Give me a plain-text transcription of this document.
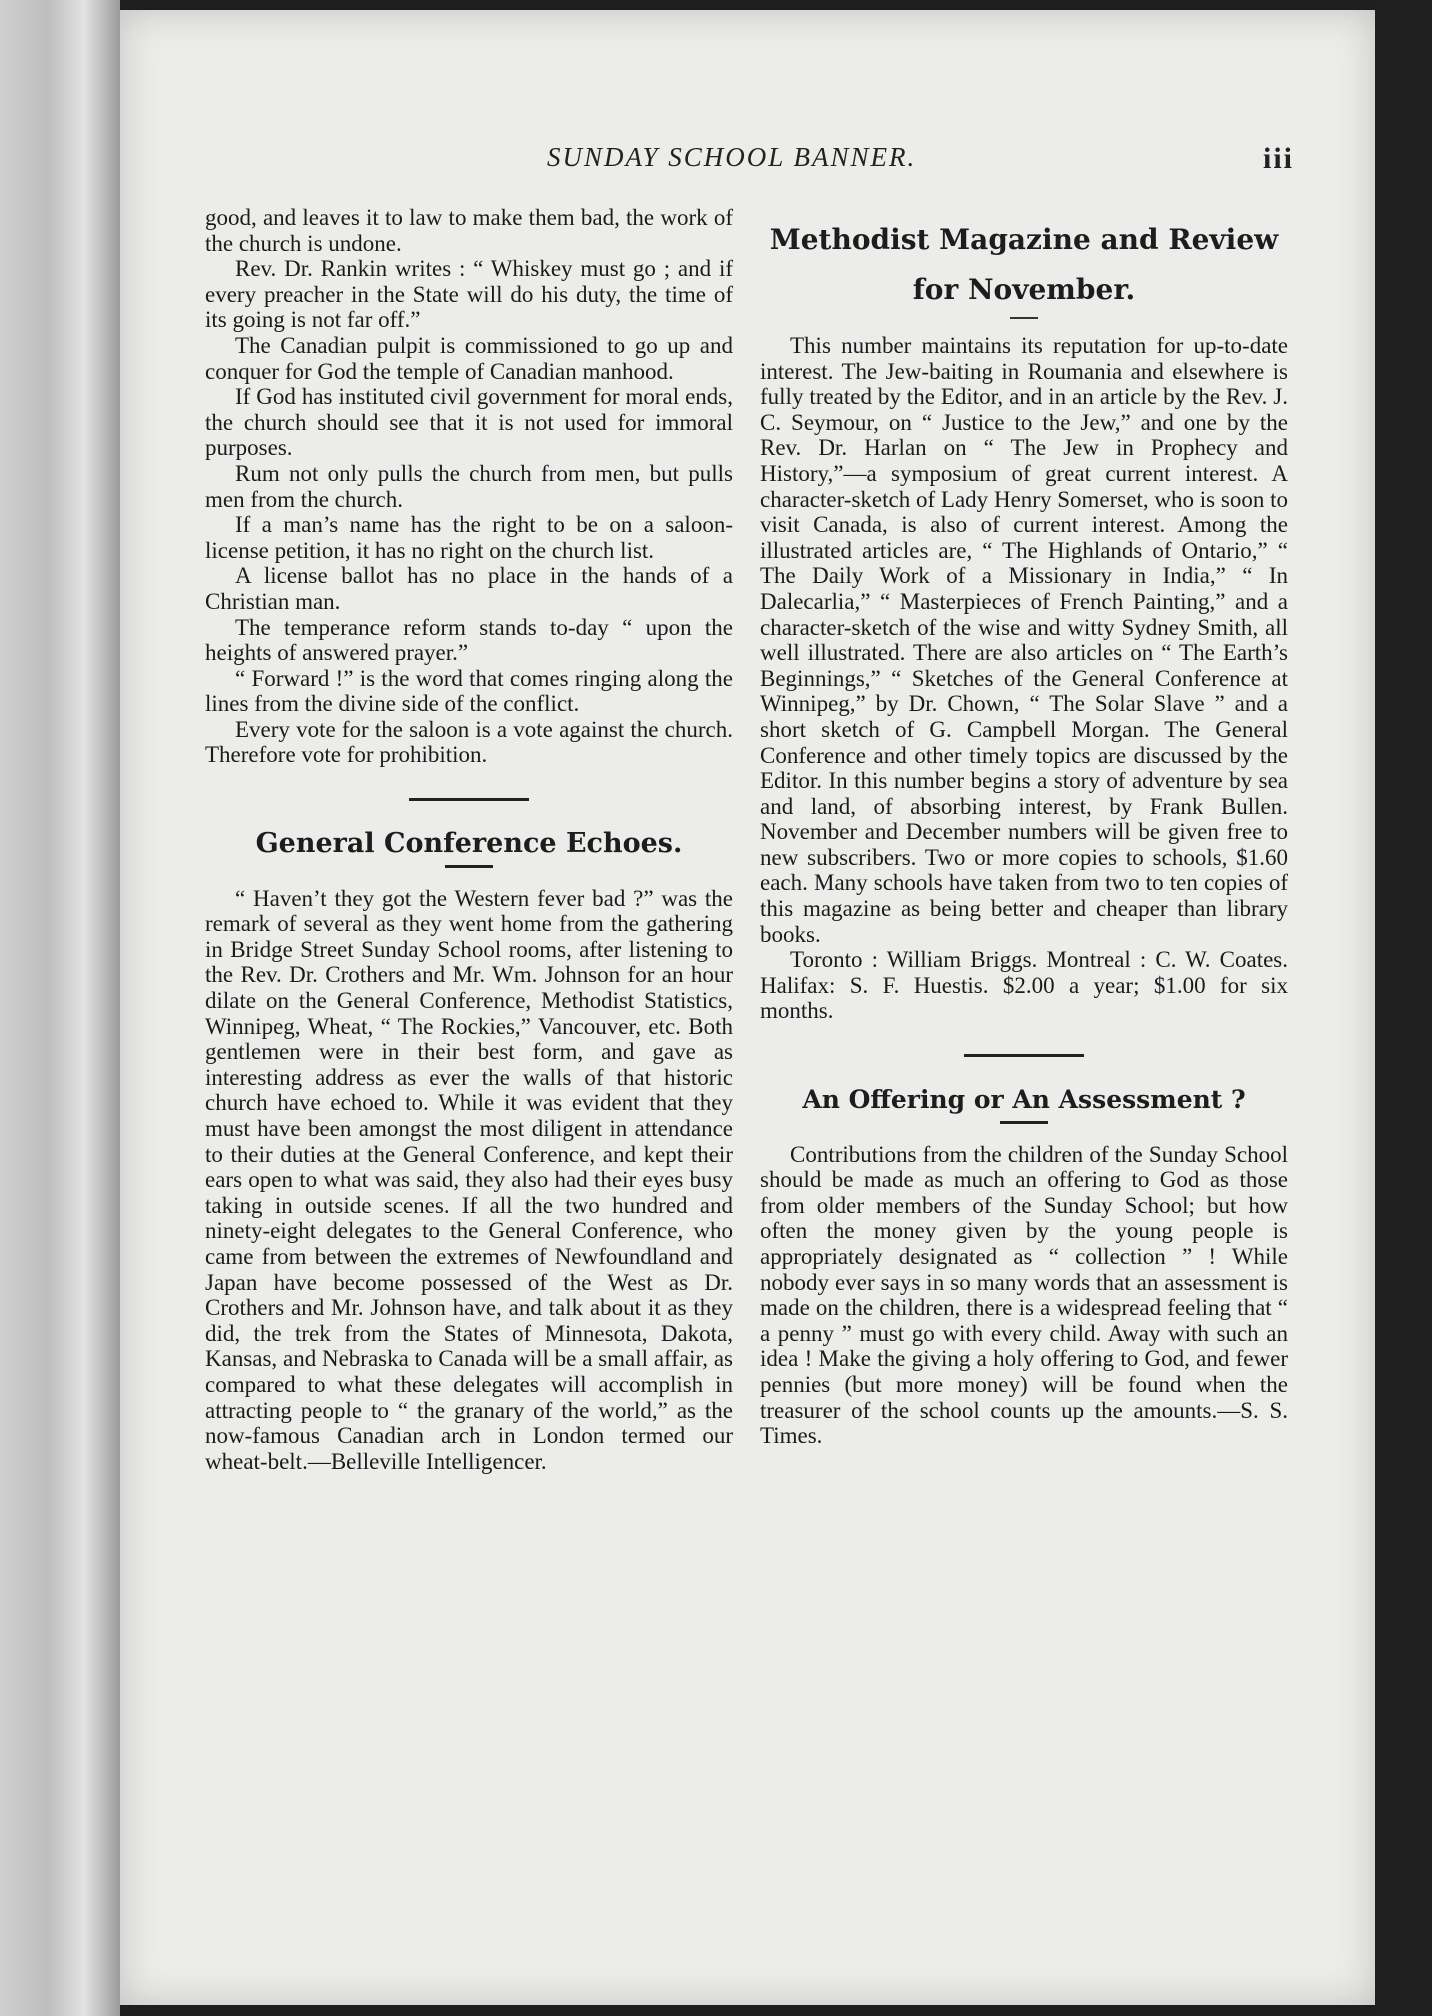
SUNDAY SCHOOL BANNER.	iii

good, and leaves it to law to make them bad, the work of the church is undone.

Rev. Dr. Rankin writes : “ Whiskey must go ; and if every preacher in the State will do his duty, the time of its going is not far off.”

The Canadian pulpit is commissioned to go up and conquer for God the temple of Canadian manhood.

If God has instituted civil government for moral ends, the church should see that it is not used for immoral purposes.

Rum not only pulls the church from men, but pulls men from the church.

If a man’s name has the right to be on a saloon-license petition, it has no right on the church list.

A license ballot has no place in the hands of a Christian man.

The temperance reform stands to-day “ upon the heights of answered prayer.”

“ Forward !” is the word that comes ringing along the lines from the divine side of the conflict.

Every vote for the saloon is a vote against the church. Therefore vote for prohibition.

General Conference Echoes.

“ Haven’t they got the Western fever bad ?” was the remark of several as they went home from the gathering in Bridge Street Sunday School rooms, after listening to the Rev. Dr. Crothers and Mr. Wm. Johnson for an hour dilate on the General Conference, Methodist Statistics, Winnipeg, Wheat, “ The Rockies,” Vancouver, etc. Both gentlemen were in their best form, and gave as interesting address as ever the walls of that historic church have echoed to. While it was evident that they must have been amongst the most diligent in attendance to their duties at the General Conference, and kept their ears open to what was said, they also had their eyes busy taking in outside scenes. If all the two hundred and ninety-eight delegates to the General Conference, who came from between the extremes of Newfoundland and Japan have become possessed of the West as Dr. Crothers and Mr. Johnson have, and talk about it as they did, the trek from the States of Minnesota, Dakota, Kansas, and Nebraska to Canada will be a small affair, as compared to what these delegates will accomplish in attracting people to “ the granary of the world,” as the now-famous Canadian arch in London termed our wheat-belt.—Belleville Intelligencer.

Methodist Magazine and Review
for November.

This number maintains its reputation for up-to-date interest. The Jew-baiting in Roumania and elsewhere is fully treated by the Editor, and in an article by the Rev. J. C. Seymour, on “ Justice to the Jew,” and one by the Rev. Dr. Harlan on “ The Jew in Prophecy and History,”—a symposium of great current interest. A character-sketch of Lady Henry Somerset, who is soon to visit Canada, is also of current interest. Among the illustrated articles are, “ The Highlands of Ontario,” “ The Daily Work of a Missionary in India,” “ In Dalecarlia,” “ Masterpieces of French Painting,” and a character-sketch of the wise and witty Sydney Smith, all well illustrated. There are also articles on “ The Earth’s Beginnings,” “ Sketches of the General Conference at Winnipeg,” by Dr. Chown, “ The Solar Slave ” and a short sketch of G. Campbell Morgan. The General Conference and other timely topics are discussed by the Editor. In this number begins a story of adventure by sea and land, of absorbing interest, by Frank Bullen. November and December numbers will be given free to new subscribers. Two or more copies to schools, $1.60 each. Many schools have taken from two to ten copies of this magazine as being better and cheaper than library books.

Toronto : William Briggs. Montreal : C. W. Coates. Halifax: S. F. Huestis. $2.00 a year; $1.00 for six months.

An Offering or An Assessment ?

Contributions from the children of the Sunday School should be made as much an offering to God as those from older members of the Sunday School; but how often the money given by the young people is appropriately designated as “ collection ” ! While nobody ever says in so many words that an assessment is made on the children, there is a widespread feeling that “ a penny ” must go with every child. Away with such an idea ! Make the giving a holy offering to God, and fewer pennies (but more money) will be found when the treasurer of the school counts up the amounts.—S. S. Times.
